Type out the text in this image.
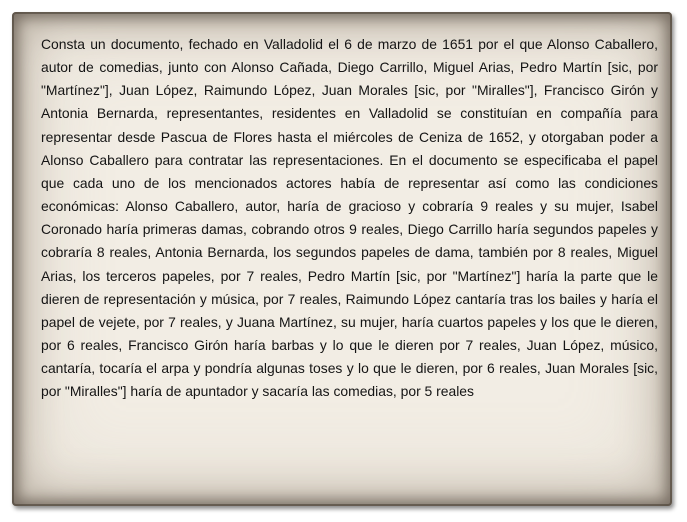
Consta un documento, fechado en Valladolid el 6 de marzo de 1651 por el que Alonso Caballero, autor de comedias, junto con Alonso Cañada, Diego Carrillo, Miguel Arias, Pedro Martín [sic, por "Martínez"], Juan López, Raimundo López, Juan Morales [sic, por "Miralles"], Francisco Girón y Antonia Bernarda, representantes, residentes en Valladolid se constituían en compañía para representar desde Pascua de Flores hasta el miércoles de Ceniza de 1652, y otorgaban poder a Alonso Caballero para contratar las representaciones. En el documento se especificaba el papel que cada uno de los mencionados actores había de representar así como las condiciones económicas: Alonso Caballero, autor, haría de gracioso y cobraría 9 reales y su mujer, Isabel Coronado haría primeras damas, cobrando otros 9 reales, Diego Carrillo haría segundos papeles y cobraría 8 reales, Antonia Bernarda, los segundos papeles de dama, también por 8 reales, Miguel Arias, los terceros papeles, por 7 reales, Pedro Martín [sic, por "Martínez"] haría la parte que le dieren de representación y música, por 7 reales, Raimundo López cantaría tras los bailes y haría el papel de vejete, por 7 reales, y Juana Martínez, su mujer, haría cuartos papeles y los que le dieren, por 6 reales, Francisco Girón haría barbas y lo que le dieren por 7 reales, Juan López, músico, cantaría, tocaría el arpa y pondría algunas toses y lo que le dieren, por 6 reales, Juan Morales [sic, por "Miralles"] haría de apuntador y sacaría las comedias, por 5 reales
